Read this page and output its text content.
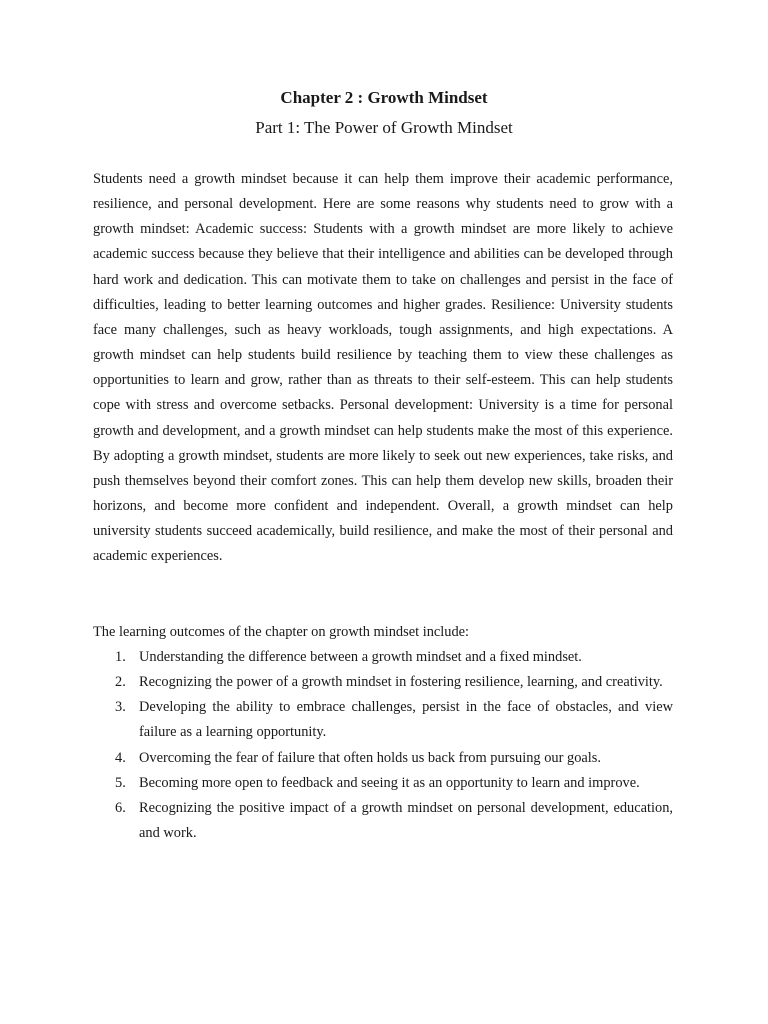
Chapter 2 : Growth Mindset
Part 1: The Power of Growth Mindset

Students need a growth mindset because it can help them improve their academic performance, resilience, and personal development. Here are some reasons why students need to grow with a growth mindset: Academic success: Students with a growth mindset are more likely to achieve academic success because they believe that their intelligence and abilities can be developed through hard work and dedication. This can motivate them to take on challenges and persist in the face of difficulties, leading to better learning outcomes and higher grades. Resilience: University students face many challenges, such as heavy workloads, tough assignments, and high expectations. A growth mindset can help students build resilience by teaching them to view these challenges as opportunities to learn and grow, rather than as threats to their self-esteem. This can help students cope with stress and overcome setbacks. Personal development: University is a time for personal growth and development, and a growth mindset can help students make the most of this experience. By adopting a growth mindset, students are more likely to seek out new experiences, take risks, and push themselves beyond their comfort zones. This can help them develop new skills, broaden their horizons, and become more confident and independent. Overall, a growth mindset can help university students succeed academically, build resilience, and make the most of their personal and academic experiences.

The learning outcomes of the chapter on growth mindset include:

1. Understanding the difference between a growth mindset and a fixed mindset.
2. Recognizing the power of a growth mindset in fostering resilience, learning, and creativity.
3. Developing the ability to embrace challenges, persist in the face of obstacles, and view failure as a learning opportunity.
4. Overcoming the fear of failure that often holds us back from pursuing our goals.
5. Becoming more open to feedback and seeing it as an opportunity to learn and improve.
6. Recognizing the positive impact of a growth mindset on personal development, education, and work.
